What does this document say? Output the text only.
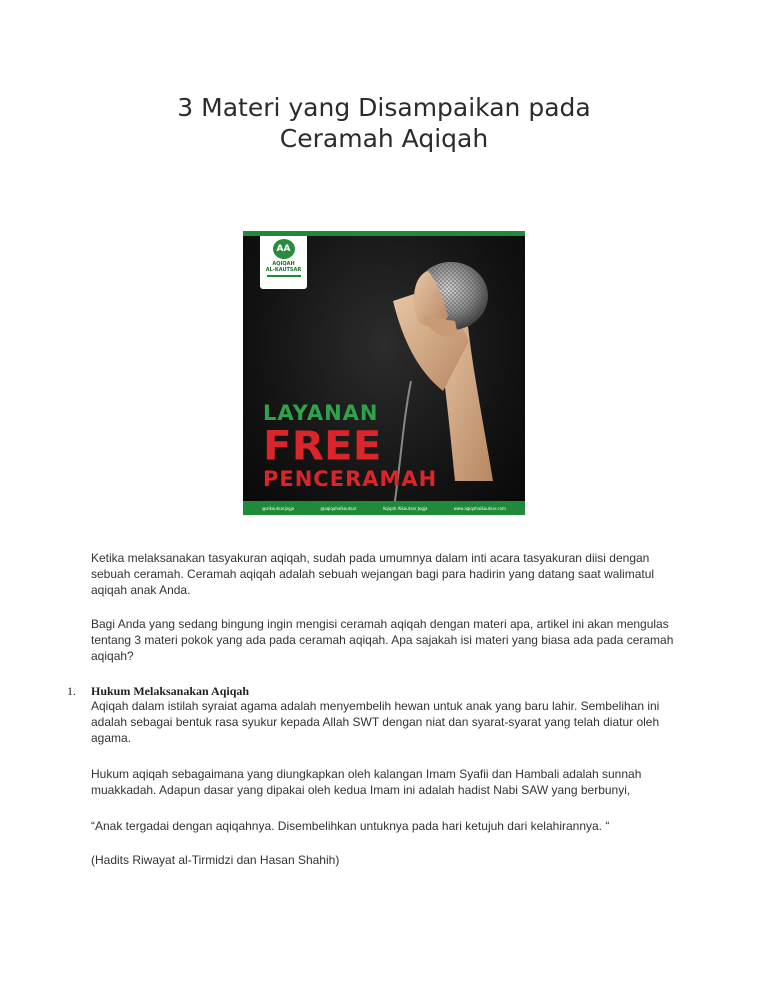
3 Materi yang Disampaikan pada
Ceramah Aqiqah
AA
AQIQAH
AL-KAUTSAR
LAYANAN
FREE
PENCERAMAH
@alkautsarjogja	@aqiqahalkautsar	Aqiqah Alkautsar Jogja	www.aqiqahalkautsar.com
Ketika melaksanakan tasyakuran aqiqah, sudah pada umumnya dalam inti acara tasyakuran diisi dengan sebuah ceramah. Ceramah aqiqah adalah sebuah wejangan bagi para hadirin yang datang saat walimatul aqiqah anak Anda.
Bagi Anda yang sedang bingung ingin mengisi ceramah aqiqah dengan materi apa, artikel ini akan mengulas tentang 3 materi pokok yang ada pada ceramah aqiqah. Apa sajakah isi materi yang biasa ada pada ceramah aqiqah?
1. Hukum Melaksanakan Aqiqah
Aqiqah dalam istilah syraiat agama adalah menyembelih hewan untuk anak yang baru lahir. Sembelihan ini adalah sebagai bentuk rasa syukur kepada Allah SWT dengan niat dan syarat-syarat yang telah diatur oleh agama.
Hukum aqiqah sebagaimana yang diungkapkan oleh kalangan Imam Syafii dan Hambali adalah sunnah muakkadah. Adapun dasar yang dipakai oleh kedua Imam ini adalah hadist Nabi SAW yang berbunyi,
“Anak tergadai dengan aqiqahnya. Disembelihkan untuknya pada hari ketujuh dari kelahirannya. “
(Hadits Riwayat al-Tirmidzi dan Hasan Shahih)
